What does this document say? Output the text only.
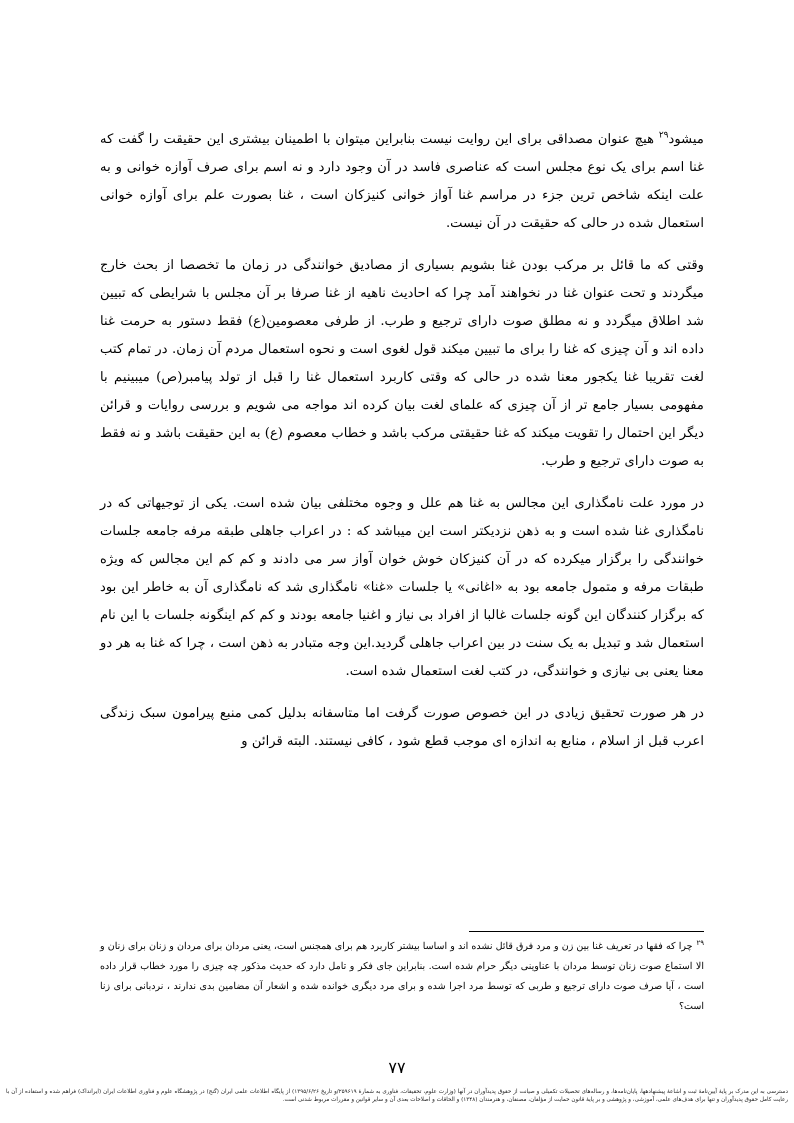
میشود$^{۲۹}$ هیچ عنوان مصداقی برای این روایت نیست بنابراین میتوان با اطمینان بیشتری این حقیقت را گفت که غنا اسم برای یک نوع مجلس است که عناصری فاسد در آن وجود دارد و نه اسم برای صرف آوازه خوانی و به علت اینکه شاخص ترین جزء در مراسم غنا آواز خوانی کنیزکان است ، غنا بصورت علم برای آوازه خوانی استعمال شده در حالی که حقیقت در آن نیست.

وقتی که ما قائل بر مرکب بودن غنا بشویم بسیاری از مصادیق خوانندگی در زمان ما تخصصا از بحث خارج میگردند و تحت عنوان غنا در نخواهند آمد چرا که احادیث ناهیه از غنا صرفا بر آن مجلس با شرایطی که تبیین شد اطلاق میگردد و نه مطلق صوت دارای ترجیع و طرب. از طرفی معصومین(ع) فقط دستور به حرمت غنا داده اند و آن چیزی که غنا را برای ما تبیین میکند قول لغوی است و نحوه استعمال مردم آن زمان. در تمام کتب لغت تقریبا غنا یکجور معنا شده در حالی که وقتی کاربرد استعمال غنا را قبل از تولد پیامبر(ص) میبینیم با مفهومی بسیار جامع تر از آن چیزی که علمای لغت بیان کرده اند مواجه می شویم و بررسی روایات و قرائن دیگر این احتمال را تقویت میکند که غنا حقیقتی مرکب باشد و خطاب معصوم (ع) به این حقیقت باشد و نه فقط به صوت دارای ترجیع و طرب.

در مورد علت نامگذاری این مجالس به غنا هم علل و وجوه مختلفی بیان شده است. یکی از توجیهاتی که در نامگذاری غنا شده است و به ذهن نزدیکتر است این میباشد که : در اعراب جاهلی طبقه مرفه جامعه جلسات خوانندگی را برگزار میکرده که در آن کنیزکان خوش خوان آواز سر می دادند و کم کم این مجالس که ویژه طبقات مرفه و متمول جامعه بود به «اغانی» یا جلسات «غنا» نامگذاری شد که نامگذاری آن به خاطر این بود که برگزار کنندگان این گونه جلسات غالبا از افراد بی نیاز و اغنیا جامعه بودند و کم کم اینگونه جلسات با این نام استعمال شد و تبدیل به یک سنت در بین اعراب جاهلی گردید.این وجه متبادر به ذهن است ، چرا که غنا به هر دو معنا یعنی بی نیازی و خوانندگی، در کتب لغت استعمال شده است.

در هر صورت تحقیق زیادی در این خصوص صورت گرفت اما متاسفانه بدلیل کمی منبع پیرامون سبک زندگی اعرب قبل از اسلام ، منابع به اندازه ای موجب قطع شود ، کافی نیستند. البته قرائن و

$^{۲۹}$چرا که فقها در تعریف غنا بین زن و مرد فرق قائل نشده اند و اساسا بیشتر کاربرد هم برای همجنس است، یعنی مردان برای مردان و زنان برای زنان و الا استماع صوت زنان توسط مردان با عناوینی دیگر حرام شده است. بنابراین جای فکر و تامل دارد که حدیث مذکور چه چیزی را مورد خطاب قرار داده است ، آیا صرف صوت دارای ترجیع و طربی که توسط مرد اجرا شده و برای مرد دیگری خوانده شده و اشعار آن مضامین بدی ندارند ، نردبانی برای زنا است؟
۷۷
دسترسی به این مدرک بر پایهٔ آیین‌نامهٔ ثبت و اشاعهٔ پیشنهادهها، پایان‌نامه‌ها، و رساله‌های تحصیلات تکمیلی و صیانت از حقوق پدیدآوران در آنها (وزارت علوم، تحقیقات، فناوری به شمارهٔ ۲۵۹۶۱۹/و تاریخ ۱۳۹۵/۶/۲۶) از پایگاه اطلاعات علمی ایران (گنج) در پژوهشگاه علوم و فناوری اطلاعات ایران (ایرانداک) فراهم شده و استفاده از آن با رعایت کامل حقوق پدیدآوران و تنها برای هدف‌های علمی، آموزشی، و پژوهشی و بر پایهٔ قانون حمایت از مؤلفان، مصنفان، و هنرمندان (۱۳۴۸) و الحاقات و اصلاحات بعدی آن و سایر قوانین و مقررات مربوط شدنی است.
